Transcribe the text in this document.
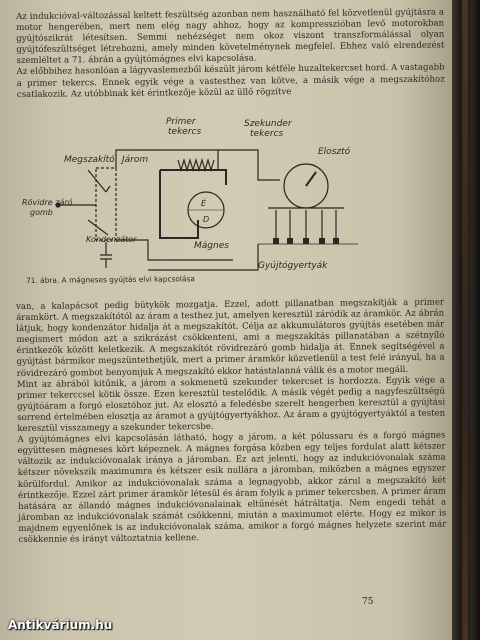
Az indukcióval-változással keltett feszültség azonban nem használható fel közvetlenül gyújtásra a motor hengerében, mert nem elég nagy ahhoz, hogy az kompresszióban levő motorokban gyújtószikrát létesítsen. Semmi nehézséget nem okoz viszont transzformálással olyan gyújtófeszültséget létrehozni, amely minden követelménynek megfelel. Ehhez való elrendezést szemléltet a 71. ábrán a gyújtómágnes elvi kapcsolása.
Az előbbihez hasonlóan a lágyvaslemezből készült járom kétféle huzaltekercset hord. A vastagabb a primer tekercs. Ennek egyik vége a vastesthez van kötve, a másik vége a megszakítóhoz csatlakozik. Az utóbbinak két érintkezője közül az üllő rögzítve

Primer
tekercs
Szekunder
tekercs
Elosztó
Megszakító Járom
Rövidre záró
gomb
Kondenzátor
Mágnes
É
D
Gyújtógyertyák

71. ábra. A mágneses gyújtás elvi kapcsolása

van, a kalapácsot pedig bütykök mozgatja. Ezzel, adott pillanatban megszakítják a primer áramkört. A megszakítótól az áram a testhez jut, amelyen keresztül záródik az áramkör. Az ábrán látjuk, hogy kondenzátor hidalja át a megszakítót. Célja az akkumulátoros gyújtás esetében már megismert módon azt a szikrázást csökkenteni, ami a megszakítás pillanatában a szétnyíló érintkezők között keletkezik. A megszakítót rövidrezáró gomb hidalja át. Ennek segítségével a gyújtást bármikor megszüntethetjük, mert a primer áramkör közvetlenül a test felé irányul, ha a rövidrezáró gombot benyomjuk A megszakító ekkor hatástalanná válik és a motor megáll.
Mint az ábrából kitűnik, a járom a sokmenetű szekunder tekercset is hordozza. Egyik vége a primer tekerccsel kötik össze. Ezen keresztül testelődik. A másik végét pedig a nagyfeszültségű gyújtóáram a forgó elosztóhoz jut. Az elosztó a feledésbe szerelt hengerben keresztül a gyújtási sorrend értelmében elosztja az áramot a gyújtógyertyákhoz. Az áram a gyújtógyertyáktól a testen keresztül visszamegy a szekunder tekercsbe.
A gyújtómágnes elvi kapcsolásán látható, hogy a járom, a két pólussaru és a forgó mágnes együttesen mágneses kört képeznek. A mágnes forgása közben egy teljes fordulat alatt kétszer változik az indukcióvonalak iránya a járomban. Ez azt jelenti, hogy az indukcióvonalak száma kétszer növekszik maximumra és kétszer esik nullára a járomban, miközben a mágnes egyszer körülfordul. Amikor az indukcióvonalak száma a legnagyobb, akkor zárul a megszakító két érintkezője. Ezzel zárt primer áramkör létesül és áram folyik a primer tekercsben. A primer áram hatására az állandó mágnes indukcióvonalainak eltűnését hátráltatja. Nem engedi tehát a járomban az indukcióvonalak számát csökkenni, miután a maximumot elérte. Hogy ez mikor is majdnem egyenlőnek is az indukcióvonalak száma, amikor a forgó mágnes helyzete szerint már csökkennie és irányt változtatnia kellene.

75

Antikvárium.hu
